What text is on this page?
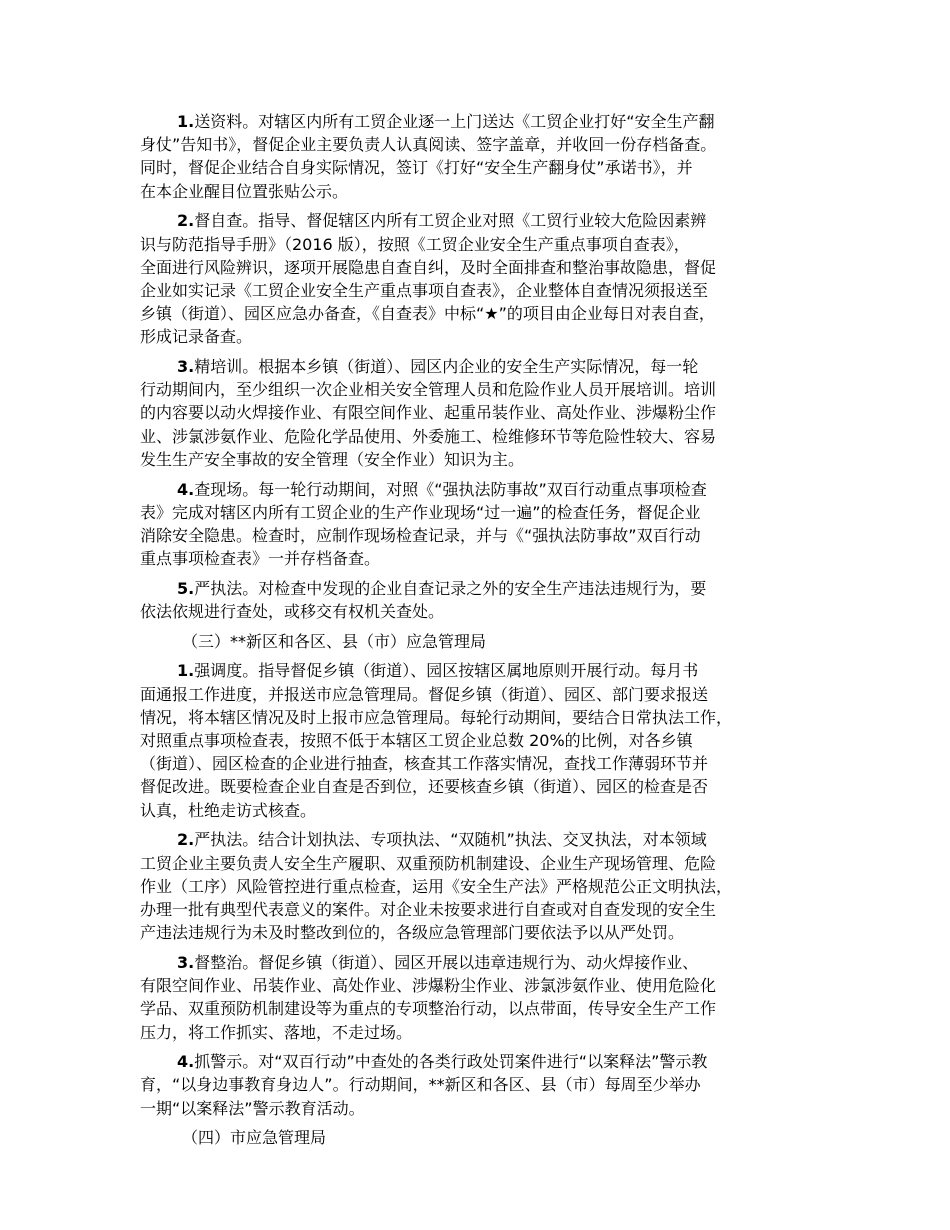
1.送资料。对辖区内所有工贸企业逐一上门送达《工贸企业打好“安全生产翻
身仗”告知书》，督促企业主要负责人认真阅读、签字盖章，并收回一份存档备查。
同时，督促企业结合自身实际情况，签订《打好“安全生产翻身仗”承诺书》，并
在本企业醒目位置张贴公示。
2.督自查。指导、督促辖区内所有工贸企业对照《工贸行业较大危险因素辨
识与防范指导手册》（2016 版），按照《工贸企业安全生产重点事项自查表》，
全面进行风险辨识，逐项开展隐患自查自纠，及时全面排查和整治事故隐患，督促
企业如实记录《工贸企业安全生产重点事项自查表》，企业整体自查情况须报送至
乡镇（街道）、园区应急办备查，《自查表》中标“★”的项目由企业每日对表自查，
形成记录备查。
3.精培训。根据本乡镇（街道）、园区内企业的安全生产实际情况，每一轮
行动期间内，至少组织一次企业相关安全管理人员和危险作业人员开展培训。培训
的内容要以动火焊接作业、有限空间作业、起重吊装作业、高处作业、涉爆粉尘作
业、涉氯涉氨作业、危险化学品使用、外委施工、检维修环节等危险性较大、容易
发生生产安全事故的安全管理（安全作业）知识为主。
4.查现场。每一轮行动期间，对照《“强执法防事故”双百行动重点事项检查
表》完成对辖区内所有工贸企业的生产作业现场“过一遍”的检查任务，督促企业
消除安全隐患。检查时，应制作现场检查记录，并与《“强执法防事故”双百行动
重点事项检查表》一并存档备查。
5.严执法。对检查中发现的企业自查记录之外的安全生产违法违规行为，要
依法依规进行查处，或移交有权机关查处。
（三）**新区和各区、县（市）应急管理局
1.强调度。指导督促乡镇（街道）、园区按辖区属地原则开展行动。每月书
面通报工作进度，并报送市应急管理局。督促乡镇（街道）、园区、部门要求报送
情况，将本辖区情况及时上报市应急管理局。每轮行动期间，要结合日常执法工作，
对照重点事项检查表，按照不低于本辖区工贸企业总数 20%的比例，对各乡镇
（街道）、园区检查的企业进行抽查，核查其工作落实情况，查找工作薄弱环节并
督促改进。既要检查企业自查是否到位，还要核查乡镇（街道）、园区的检查是否
认真，杜绝走访式核查。
2.严执法。结合计划执法、专项执法、“双随机”执法、交叉执法，对本领域
工贸企业主要负责人安全生产履职、双重预防机制建设、企业生产现场管理、危险
作业（工序）风险管控进行重点检查，运用《安全生产法》严格规范公正文明执法，
办理一批有典型代表意义的案件。对企业未按要求进行自查或对自查发现的安全生
产违法违规行为未及时整改到位的，各级应急管理部门要依法予以从严处罚。
3.督整治。督促乡镇（街道）、园区开展以违章违规行为、动火焊接作业、
有限空间作业、吊装作业、高处作业、涉爆粉尘作业、涉氯涉氨作业、使用危险化
学品、双重预防机制建设等为重点的专项整治行动，以点带面，传导安全生产工作
压力，将工作抓实、落地，不走过场。
4.抓警示。对“双百行动”中查处的各类行政处罚案件进行“以案释法”警示教
育，“以身边事教育身边人”。行动期间，**新区和各区、县（市）每周至少举办
一期“以案释法”警示教育活动。
（四）市应急管理局
